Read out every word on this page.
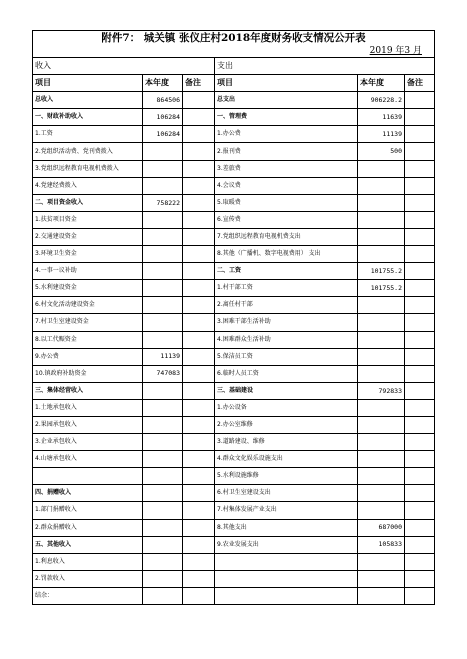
附件7： 城关镇 张仪庄村2018年度财务收支情况公开表					
2019 年3 月					
收入			支出		
项目	本年度	备注	项目	本年度	备注
总收入	864506		总支出	906228.2	
一、财政补助收入	106284		一、管理费	11639	
1.工资	106284		1.办公费	11139	
2.党组织活动费、党刊费拨入			2.报刊费	500	
3.党组织远程教育电视机费拨入			3.差旅费		
4.党建经费拨入			4.会议费		
二、项目资金收入	758222		5.取暖费		
1.扶贫项目资金			6.宣传费		
2.交通建设资金			7.党组织远程教育电视机费支出		
3.环境卫生资金			8.其他（广播机、数字电视费用） 支出		
4.一事一议补助			二、工资	101755.2	
5.水利建设资金			1.村干部工资	101755.2	
6.村文化活动建设资金			2.离任村干部		
7.村卫生室建设资金			3.困难干部生活补助		
8.以工代赈资金			4.困难群众生活补助		
9.办公费	11139		5.保洁员工资		
10.镇政府补助资金	747083		6.临时人员工资		
三、集体经营收入			三、基础建设	792833	
1.土地承包收入			1.办公设备		
2.果园承包收入			2.办公室维修		
3.企业承包收入			3.道路建设、维修		
4.山塘承包收入			4.群众文化娱乐设施支出		
			5.水利设施维修		
四、捐赠收入			6.村卫生室建设支出		
1.部门捐赠收入			7.村集体发展产业支出		
2.群众捐赠收入			8.其他支出	687000	
五、其他收入			9.农业发展支出	105833	
1.利息收入					
2.罚款收入					
结余：					
